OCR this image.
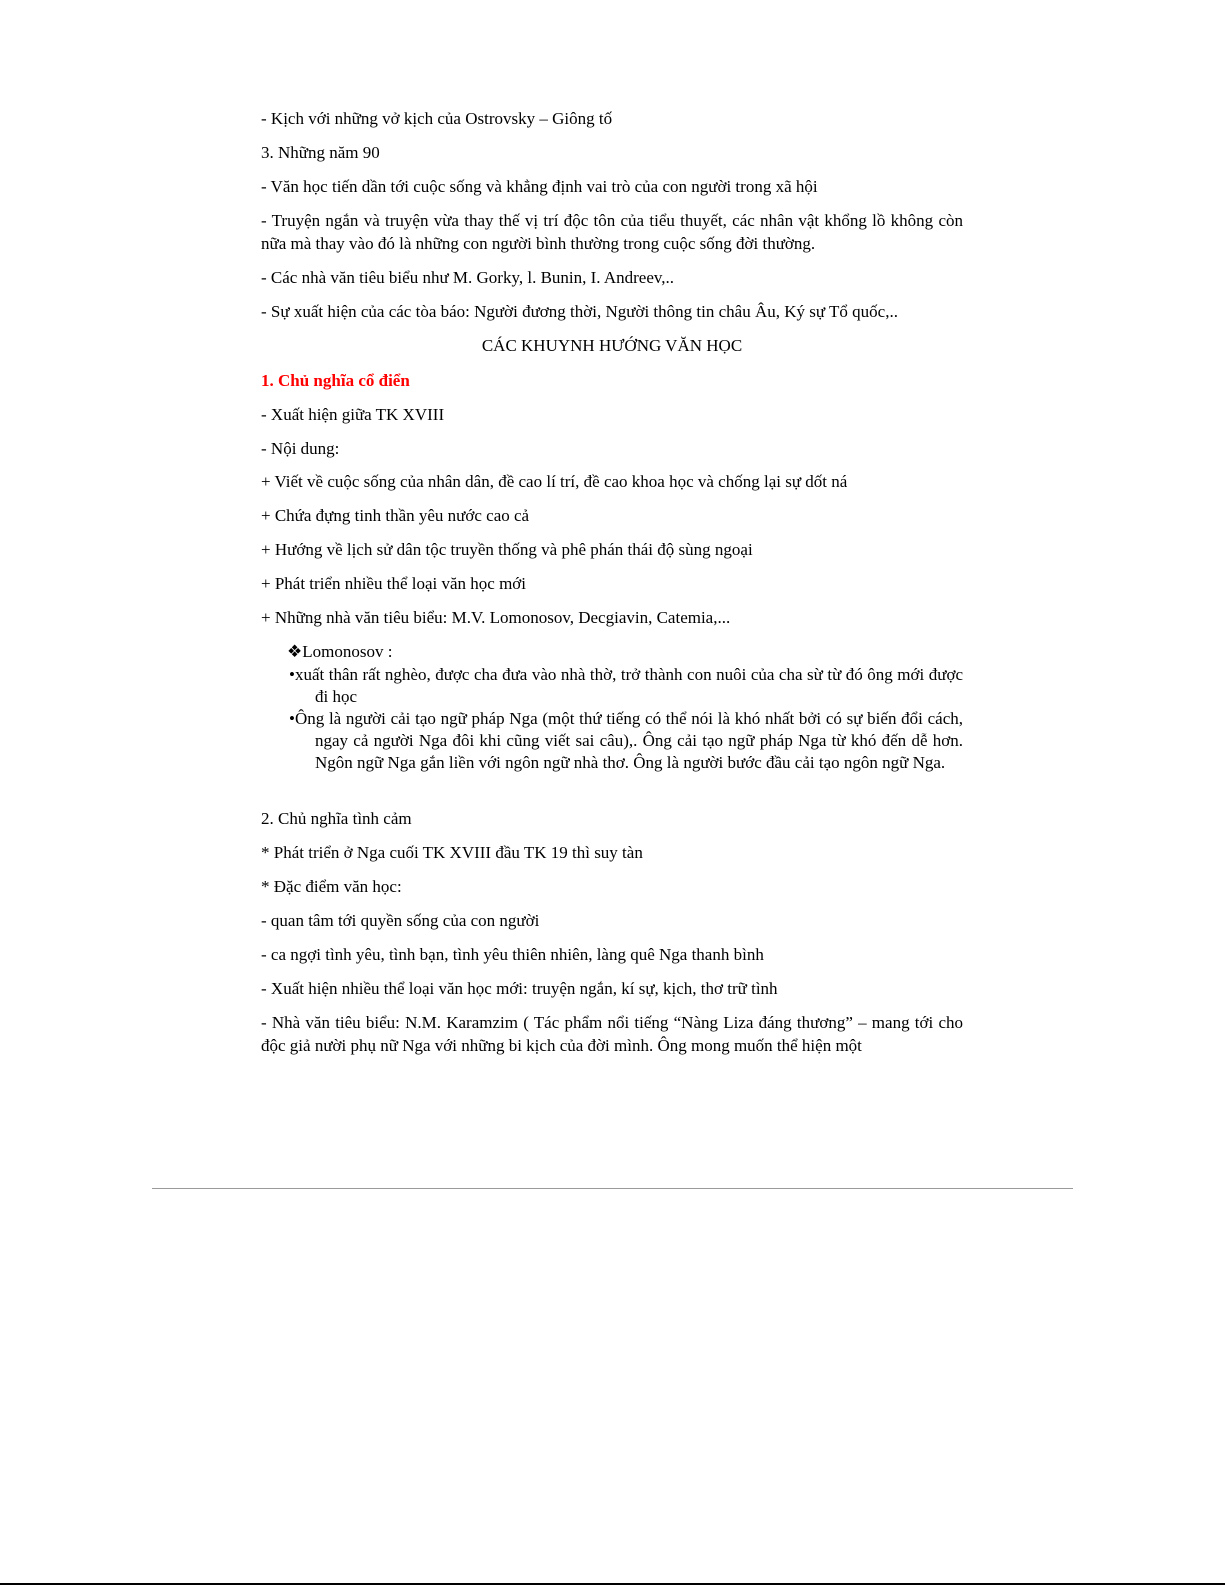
- Kịch với những vở kịch của Ostrovsky – Giông tố
3. Những năm 90
- Văn học tiến dần tới cuộc sống và khẳng định vai trò của con người trong xã hội
- Truyện ngắn và truyện vừa thay thế vị trí độc tôn của tiểu thuyết, các nhân vật khổng lồ không còn nữa mà thay vào đó là những con người bình thường trong cuộc sống đời thường.
- Các nhà văn tiêu biểu như M. Gorky, l. Bunin, I. Andreev,..
- Sự xuất hiện của các tòa báo: Người đương thời, Người thông tin châu Âu, Ký sự Tổ quốc,..
CÁC KHUYNH HƯỚNG VĂN HỌC
1. Chủ nghĩa cổ điển
- Xuất hiện giữa TK XVIII
- Nội dung:
+ Viết về cuộc sống của nhân dân, đề cao lí trí, đề cao khoa học và chống lại sự dốt ná
+ Chứa đựng tinh thần yêu nước cao cả
+ Hướng về lịch sử dân tộc truyền thống và phê phán thái độ sùng ngoại
+ Phát triển nhiều thể loại văn học mới
+ Những nhà văn tiêu biểu: M.V. Lomonosov, Decgiavin, Catemia,...
❖Lomonosov :
•xuất thân rất nghèo, được cha đưa vào nhà thờ, trở thành con nuôi của cha sừ từ đó ông mới được đi học
•Ông là người cải tạo ngữ pháp Nga (một thứ tiếng có thể nói là khó nhất bởi có sự biến đổi cách, ngay cả người Nga đôi khi cũng viết sai câu),. Ông cải tạo ngữ pháp Nga từ khó đến dễ hơn. Ngôn ngữ Nga gắn liền với ngôn ngữ nhà thơ. Ông là người bước đầu cải tạo ngôn ngữ Nga.
2. Chủ nghĩa tình cảm
* Phát triển ở Nga cuối TK XVIII đầu TK 19 thì suy tàn
* Đặc điểm văn học:
- quan tâm tới quyền sống của con người
- ca ngợi tình yêu, tình bạn, tình yêu thiên nhiên, làng quê Nga thanh bình
- Xuất hiện nhiều thể loại văn học mới: truyện ngắn, kí sự, kịch, thơ trữ tình
- Nhà văn tiêu biểu: N.M. Karamzim ( Tác phẩm nổi tiếng “Nàng Liza đáng thương” – mang tới cho độc giả nười phụ nữ Nga với những bi kịch của đời mình. Ông mong muốn thể hiện một
